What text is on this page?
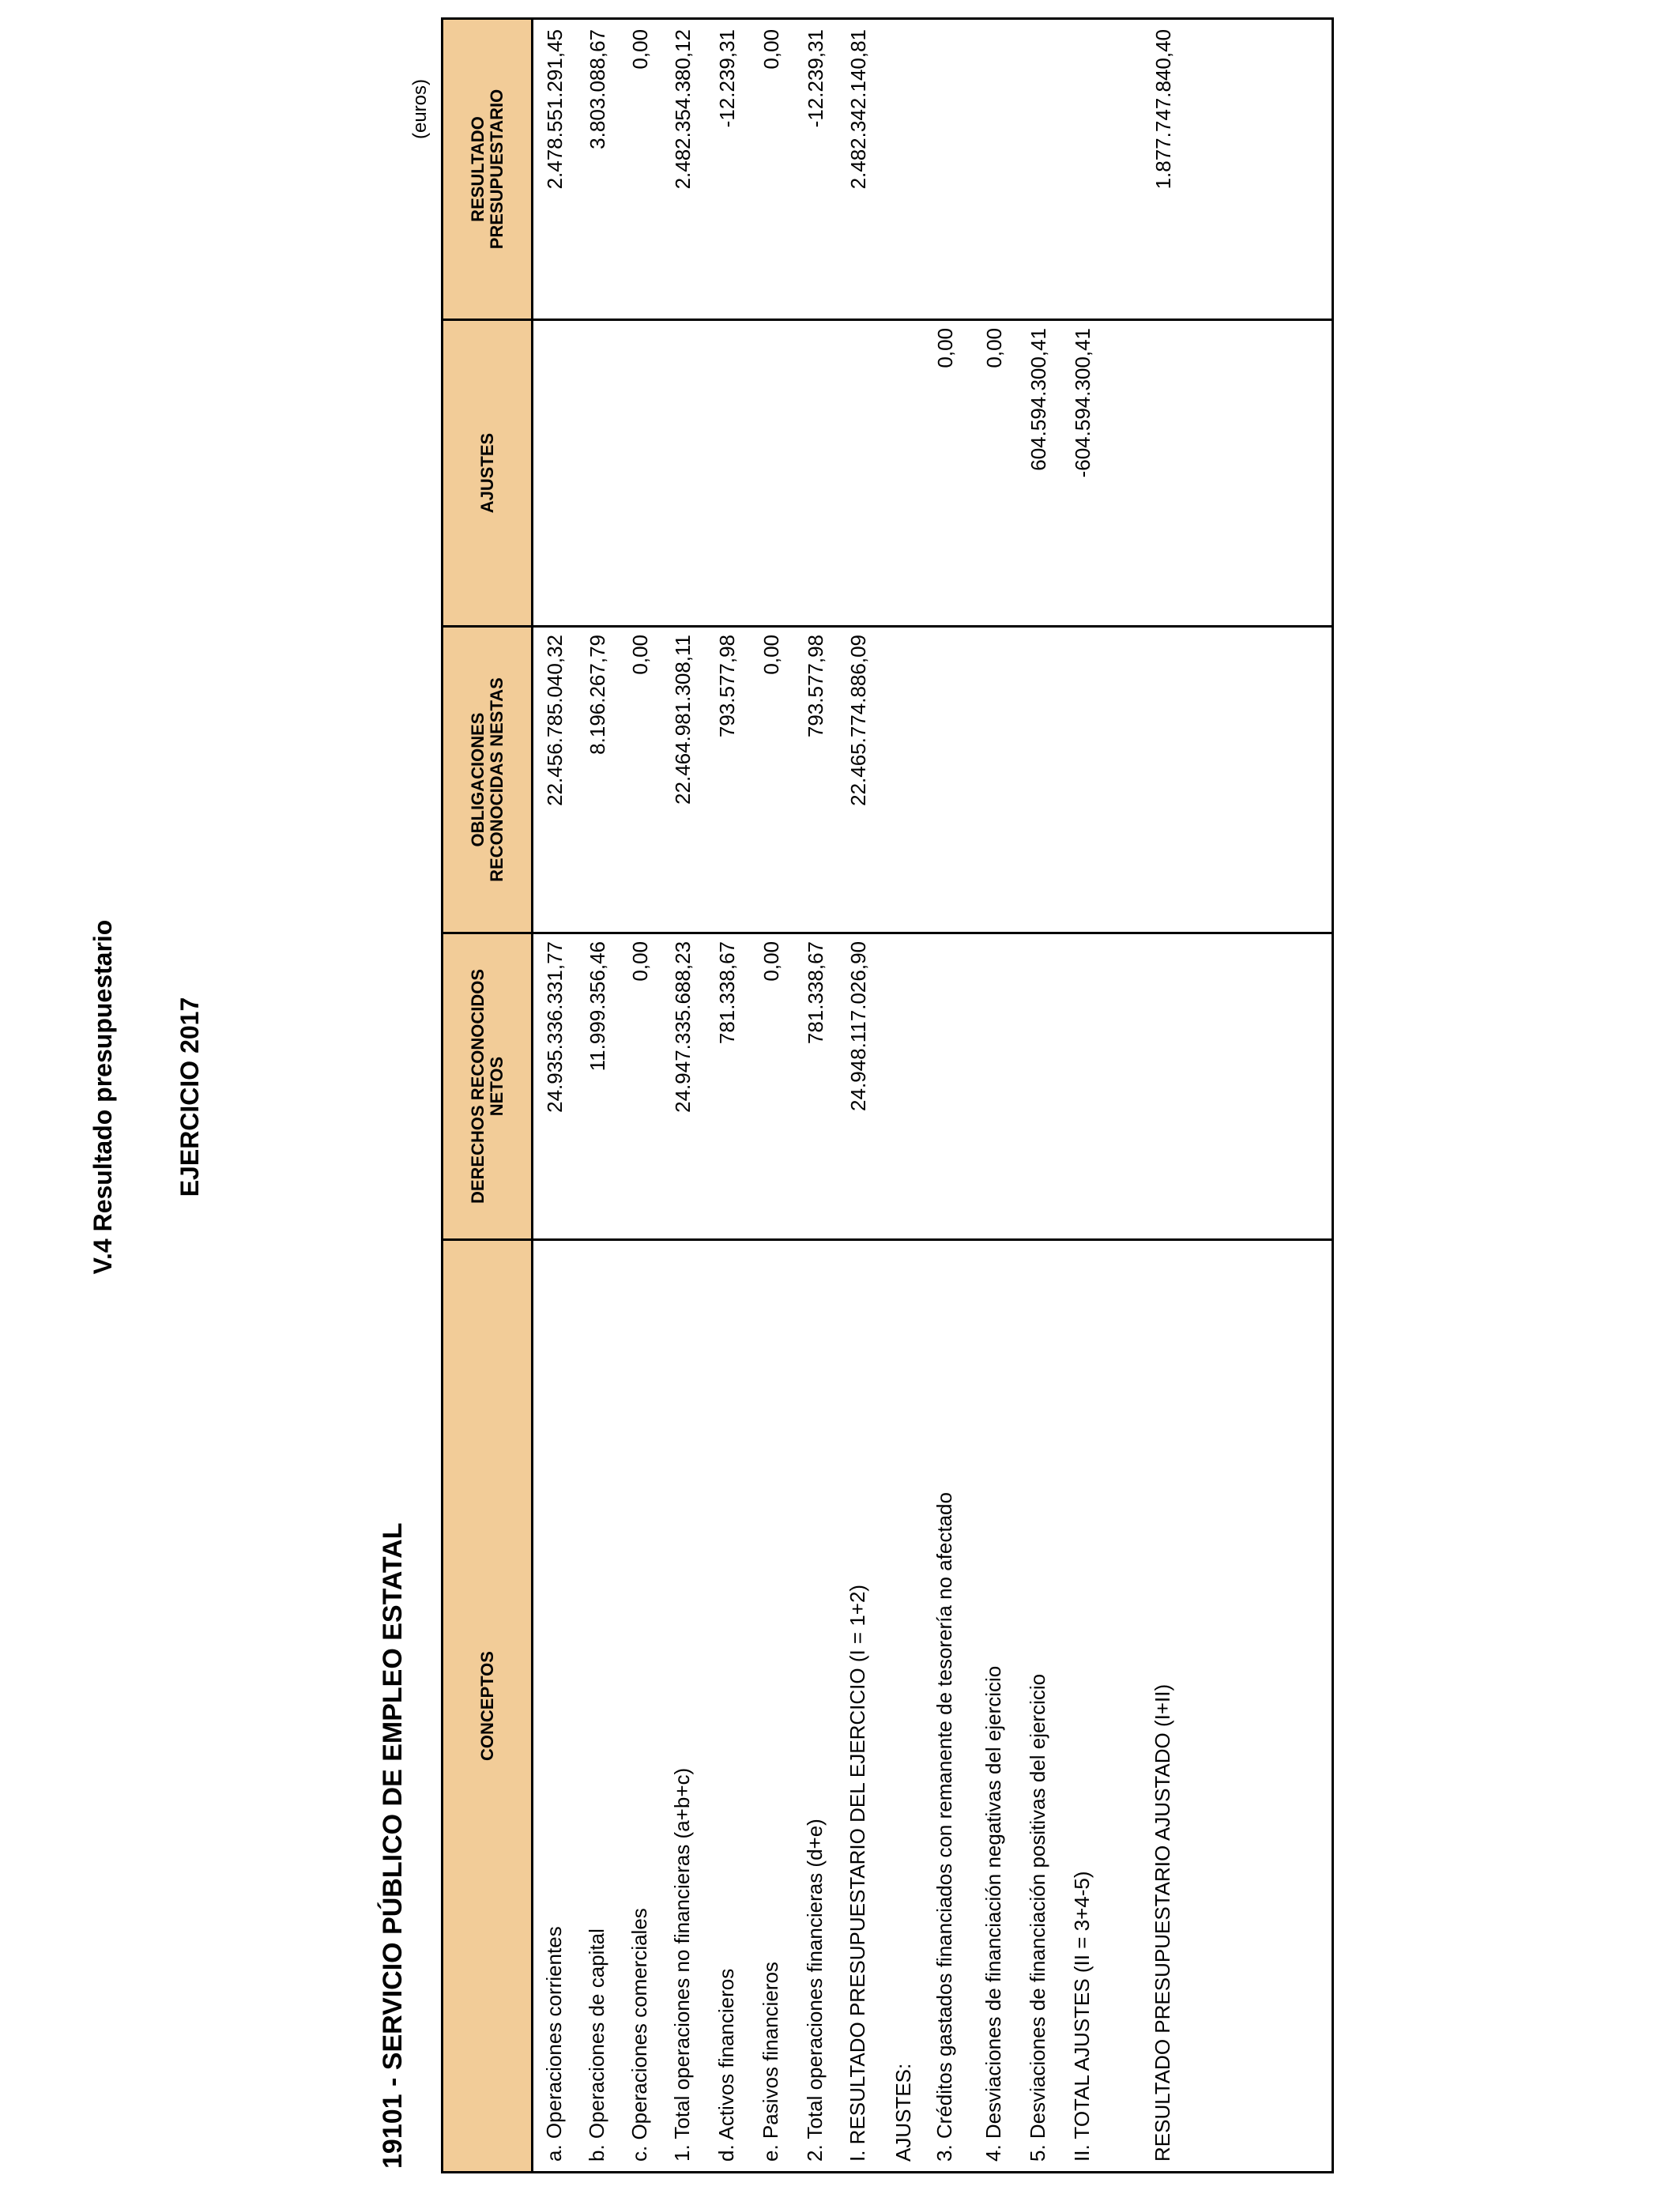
V.4 Resultado presupuestario EJERCICIO 2017
19101 - SERVICIO PÚBLICO DE EMPLEO ESTATAL
(euros)
CONCEPTOS
DERECHOS RECONOCIDOS NETOS
OBLIGACIONES RECONOCIDAS NESTAS
AJUSTES
RESULTADO PRESUPUESTARIO
a. Operaciones corrientes
24.935.336.331,77
22.456.785.040,32
2.478.551.291,45
b. Operaciones de capital
11.999.356,46
8.196.267,79
3.803.088,67
c. Operaciones comerciales
0,00
0,00
0,00
1. Total operaciones no financieras (a+b+c)
24.947.335.688,23
22.464.981.308,11
2.482.354.380,12
d. Activos financieros
781.338,67
793.577,98
-12.239,31
e. Pasivos financieros
0,00
0,00
0,00
2. Total operaciones financieras (d+e)
781.338,67
793.577,98
-12.239,31
I. RESULTADO PRESUPUESTARIO DEL EJERCICIO (I = 1+2)
24.948.117.026,90
22.465.774.886,09
2.482.342.140,81
AJUSTES: 3. Créditos gastados financiados con remanente de tesorería no afectado
0,00
4. Desviaciones de financiación negativas del ejercicio
0,00
5. Desviaciones de financiación positivas del ejercicio
604.594.300,41
II. TOTAL AJUSTES (II = 3+4-5)
-604.594.300,41
RESULTADO PRESUPUESTARIO AJUSTADO (I+II)
1.877.747.840,40
